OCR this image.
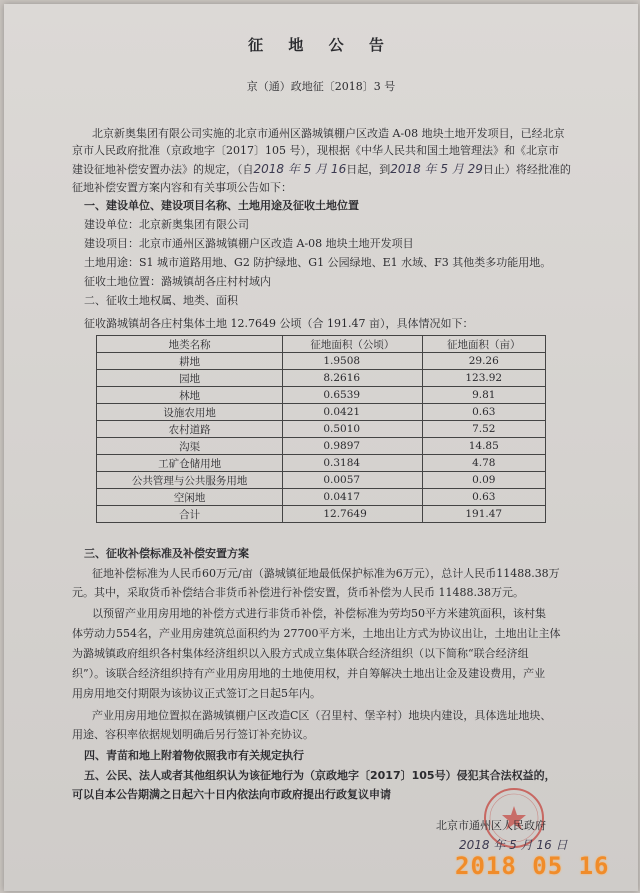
征 地 公 告
京（通）政地征〔2018〕3 号
北京新奥集团有限公司实施的北京市通州区潞城镇棚户区改造 A-08 地块土地开发项目，已经北京
京市人民政府批准（京政地字〔2017〕105 号），现根据《中华人民共和国土地管理法》和《北京市
建设征地补偿安置办法》的规定，（自2018 年 5 月 16日起，到2018 年 5 月 29日止）将经批准的
征地补偿安置方案内容和有关事项公告如下：
一、建设单位、建设项目名称、土地用途及征收土地位置
建设单位：北京新奥集团有限公司
建设项目：北京市通州区潞城镇棚户区改造 A-08 地块土地开发项目
土地用途：S1 城市道路用地、G2 防护绿地、G1 公园绿地、E1 水域、F3 其他类多功能用地。
征收土地位置：潞城镇胡各庄村村域内
二、征收土地权属、地类、面积
征收潞城镇胡各庄村集体土地 12.7649 公顷（合 191.47 亩），具体情况如下：
地类名称	征地面积（公顷）	征地面积（亩）
耕地	1.9508	29.26
园地	8.2616	123.92
林地	0.6539	9.81
设施农用地	0.0421	0.63
农村道路	0.5010	7.52
沟渠	0.9897	14.85
工矿仓储用地	0.3184	4.78
公共管理与公共服务用地	0.0057	0.09
空闲地	0.0417	0.63
合计	12.7649	191.47
三、征收补偿标准及补偿安置方案
征地补偿标准为人民币60万元/亩（潞城镇征地最低保护标准为6万元），总计人民币11488.38万
元。其中，采取货币补偿结合非货币补偿进行补偿安置，货币补偿为人民币 11488.38万元。
以预留产业用房用地的补偿方式进行非货币补偿，补偿标准为劳均50平方米建筑面积，该村集
体劳动力554名，产业用房建筑总面积约为 27700平方米，土地出让方式为协议出让，土地出让主体
为潞城镇政府组织各村集体经济组织以入股方式成立集体联合经济组织（以下简称“联合经济组
织”）。该联合经济组织持有产业用房用地的土地使用权，并自筹解决土地出让金及建设费用，产业
用房用地交付期限为该协议正式签订之日起5年内。
产业用房用地位置拟在潞城镇棚户区改造C区（召里村、堡辛村）地块内建设，具体选址地块、
用途、容积率依据规划明确后另行签订补充协议。
四、青苗和地上附着物依照我市有关规定执行
五、公民、法人或者其他组织认为该征地行为（京政地字〔2017〕105号）侵犯其合法权益的，
可以自本公告期满之日起六十日内依法向市政府提出行政复议申请
北京市通州区人民政府
2018 年 5 月 16 日
2018 05 16
